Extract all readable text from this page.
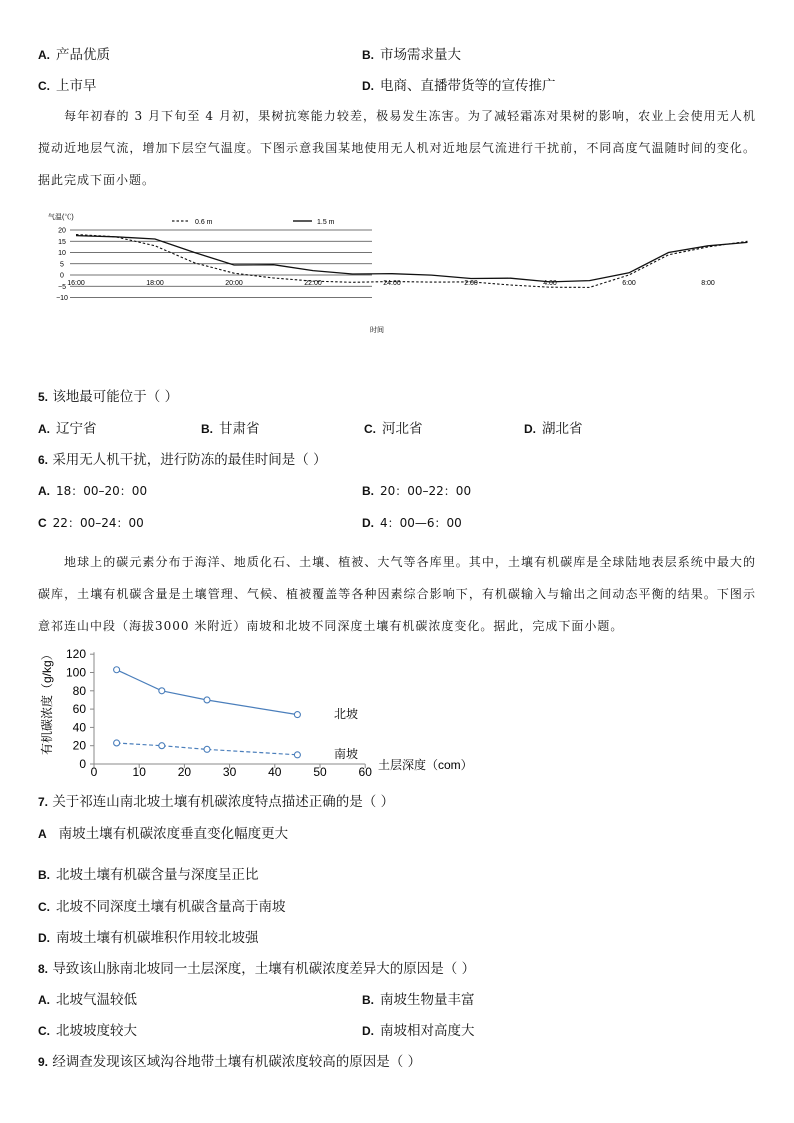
A. 产品优质	B. 市场需求量大
C. 上市早	D. 电商、直播带货等的宣传推广
每年初春的 3 月下旬至 4 月初，果树抗寒能力较差，极易发生冻害。为了减轻霜冻对果树的影响，农业上会使用无人机搅动近地层气流，增加下层空气温度。下图示意我国某地使用无人机对近地层气流进行干扰前，不同高度气温随时间的变化。据此完成下面小题。
20
15
10
5
0
−5
−10
16:00	18:00	20:00	22:00	24:00	2:00	4:00	6:00	8:00
气温(℃)
时间
0.6 m	1.5 m
5. 该地最可能位于（ ）
A. 辽宁省	B. 甘肃省	C. 河北省	D. 湖北省
6. 采用无人机干扰，进行防冻的最佳时间是（ ）
A. 18：00–20：00	B. 20：00–22：00
C 22：00–24：00	D. 4：00—6：00
地球上的碳元素分布于海洋、地质化石、土壤、植被、大气等各库里。其中，土壤有机碳库是全球陆地表层系统中最大的碳库，土壤有机碳含量是土壤管理、气候、植被覆盖等各种因素综合影响下，有机碳输入与输出之间动态平衡的结果。下图示意祁连山中段（海拔3000 米附近）南坡和北坡不同深度土壤有机碳浓度变化。据此，完成下面小题。
120
100
80
60
40
20
0
0	10	20	30	40	50	60
有机碳浓度（g/kg）
土层深度（com）
北坡
南坡
7. 关于祁连山南北坡土壤有机碳浓度特点描述正确的是（ ）
A 南坡土壤有机碳浓度垂直变化幅度更大
B. 北坡土壤有机碳含量与深度呈正比
C. 北坡不同深度土壤有机碳含量高于南坡
D. 南坡土壤有机碳堆积作用较北坡强
8. 导致该山脉南北坡同一土层深度，土壤有机碳浓度差异大的原因是（ ）
A. 北坡气温较低	B. 南坡生物量丰富
C. 北坡坡度较大	D. 南坡相对高度大
9. 经调查发现该区域沟谷地带土壤有机碳浓度较高的原因是（ ）
